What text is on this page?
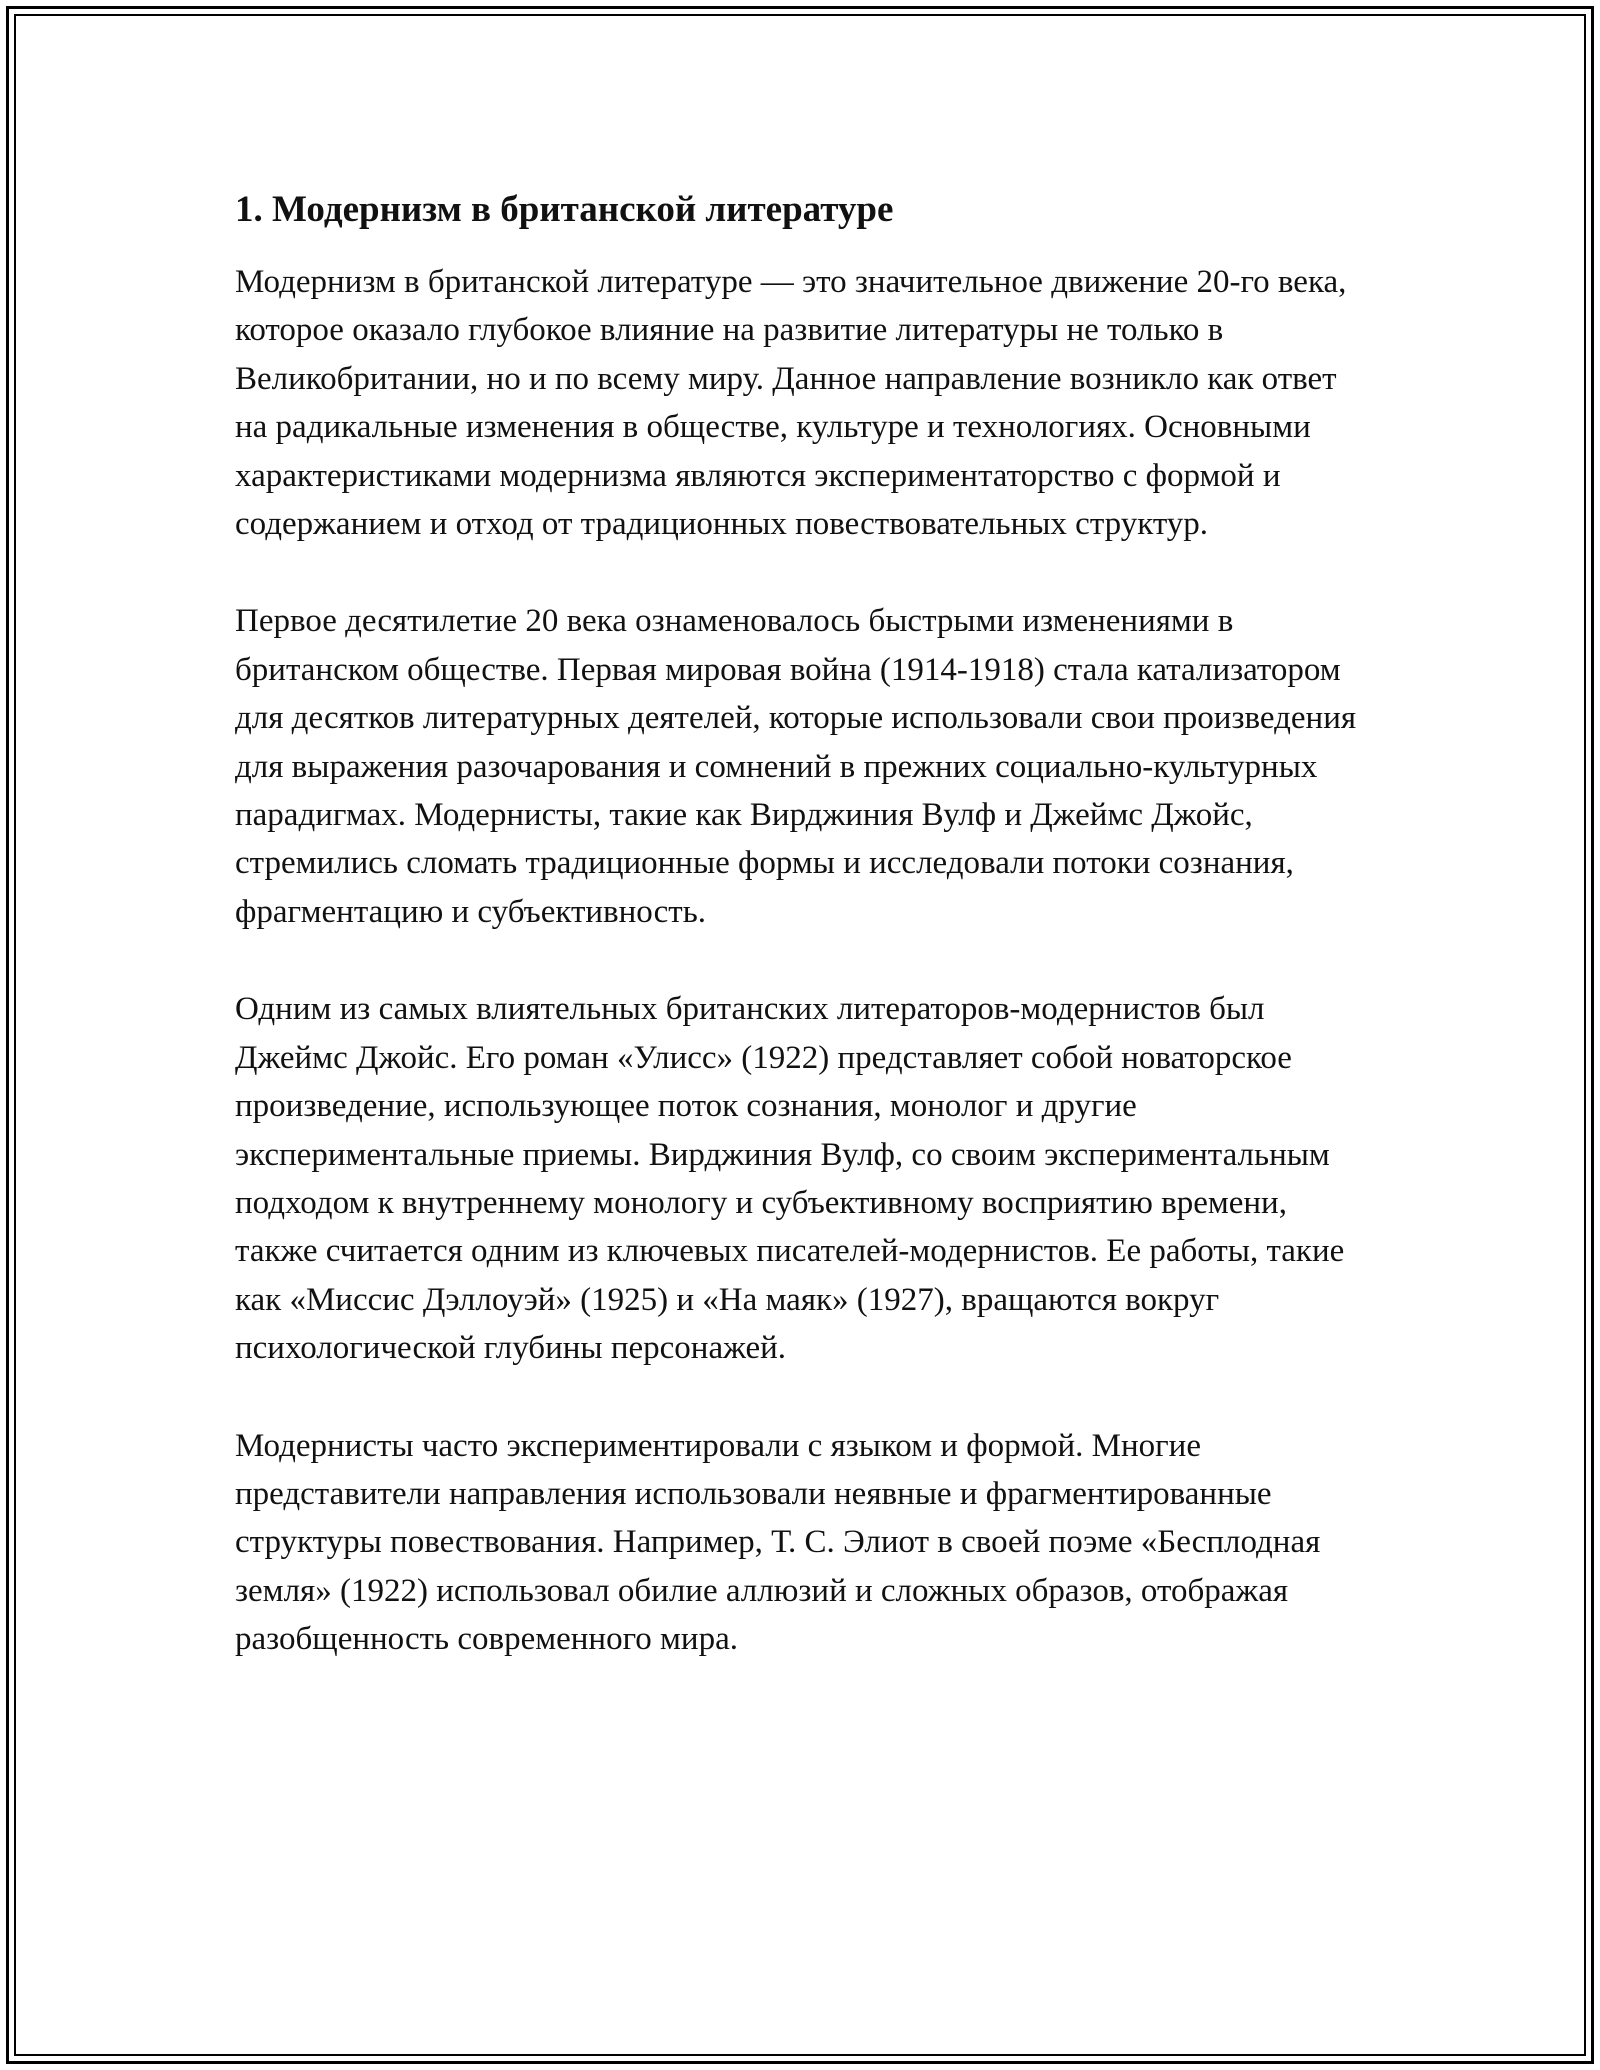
1. Модернизм в британской литературе

Модернизм в британской литературе — это значительное движение 20-го века, которое оказало глубокое влияние на развитие литературы не только в Великобритании, но и по всему миру. Данное направление возникло как ответ на радикальные изменения в обществе, культуре и технологиях. Основными характеристиками модернизма являются экспериментаторство с формой и содержанием и отход от традиционных повествовательных структур.

Первое десятилетие 20 века ознаменовалось быстрыми изменениями в британском обществе. Первая мировая война (1914-1918) стала катализатором для десятков литературных деятелей, которые использовали свои произведения для выражения разочарования и сомнений в прежних социально-культурных парадигмах. Модернисты, такие как Вирджиния Вулф и Джеймс Джойс, стремились сломать традиционные формы и исследовали потоки сознания, фрагментацию и субъективность.

Одним из самых влиятельных британских литераторов-модернистов был Джеймс Джойс. Его роман «Улисс» (1922) представляет собой новаторское произведение, использующее поток сознания, монолог и другие экспериментальные приемы. Вирджиния Вулф, со своим экспериментальным подходом к внутреннему монологу и субъективному восприятию времени, также считается одним из ключевых писателей-модернистов. Ее работы, такие как «Миссис Дэллоуэй» (1925) и «На маяк» (1927), вращаются вокруг психологической глубины персонажей.

Модернисты часто экспериментировали с языком и формой. Многие представители направления использовали неявные и фрагментированные структуры повествования. Например, Т. С. Элиот в своей поэме «Бесплодная земля» (1922) использовал обилие аллюзий и сложных образов, отображая разобщенность современного мира.
